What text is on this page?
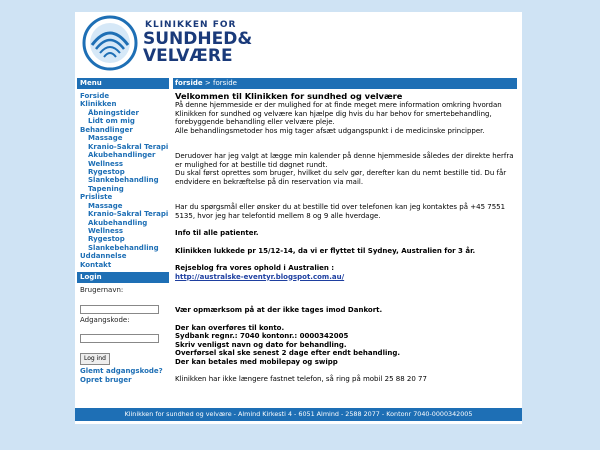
KLINIKKEN FOR
SUNDHED&
VELVÆRE
Menu
Forside
Klinikken
Åbningstider
Lidt om mig
Behandlinger
Massage
Kranio-Sakral Terapi
Akubehandlinger
Wellness
Rygestop
Slankebehandling
Tapening
Prisliste
Massage
Kranio-Sakral Terapi
Akubehandling
Wellness
Rygestop
Slankebehandling
Uddannelse
Kontakt
Login
Brugernavn:
Adgangskode:
Log ind
Glemt adgangskode?
Opret bruger
forside > forside
Velkommen til Klinikken for sundhed og velvære
På denne hjemmeside er der mulighed for at finde meget mere information omkring hvordan Klinikken for sundhed og velvære kan hjælpe dig hvis du har behov for smertebehandling, forebyggende behandling eller velvære pleje.
Alle behandlingsmetoder hos mig tager afsæt udgangspunkt i de medicinske principper.
Derudover har jeg valgt at lægge min kalender på denne hjemmeside således der direkte herfra er mulighed for at bestille tid døgnet rundt.
Du skal først oprettes som bruger, hvilket du selv gør, derefter kan du nemt bestille tid. Du får endvidere en bekræftelse på din reservation via mail.
Har du spørgsmål eller ønsker du at bestille tid over telefonen kan jeg kontaktes på +45 7551 5135, hvor jeg har telefontid mellem 8 og 9 alle hverdage.
Info til alle patienter.
Klinikken lukkede pr 15/12-14, da vi er flyttet til Sydney, Australien for 3 år.
Rejseblog fra vores ophold i Australien :
http://australske-eventyr.blogspot.com.au/
Vær opmærksom på at der ikke tages imod Dankort.
Der kan overføres til konto.
Sydbank regnr.: 7040 kontonr.: 0000342005
Skriv venligst navn og dato for behandling.
Overførsel skal ske senest 2 dage efter endt behandling.
Der kan betales med mobilepay og swipp
Klinikken har ikke længere fastnet telefon, så ring på mobil 25 88 20 77
Klinikken for sundhed og velvære - Almind Kirkesti 4 - 6051 Almind - 2588 2077 - Kontonr 7040-0000342005
